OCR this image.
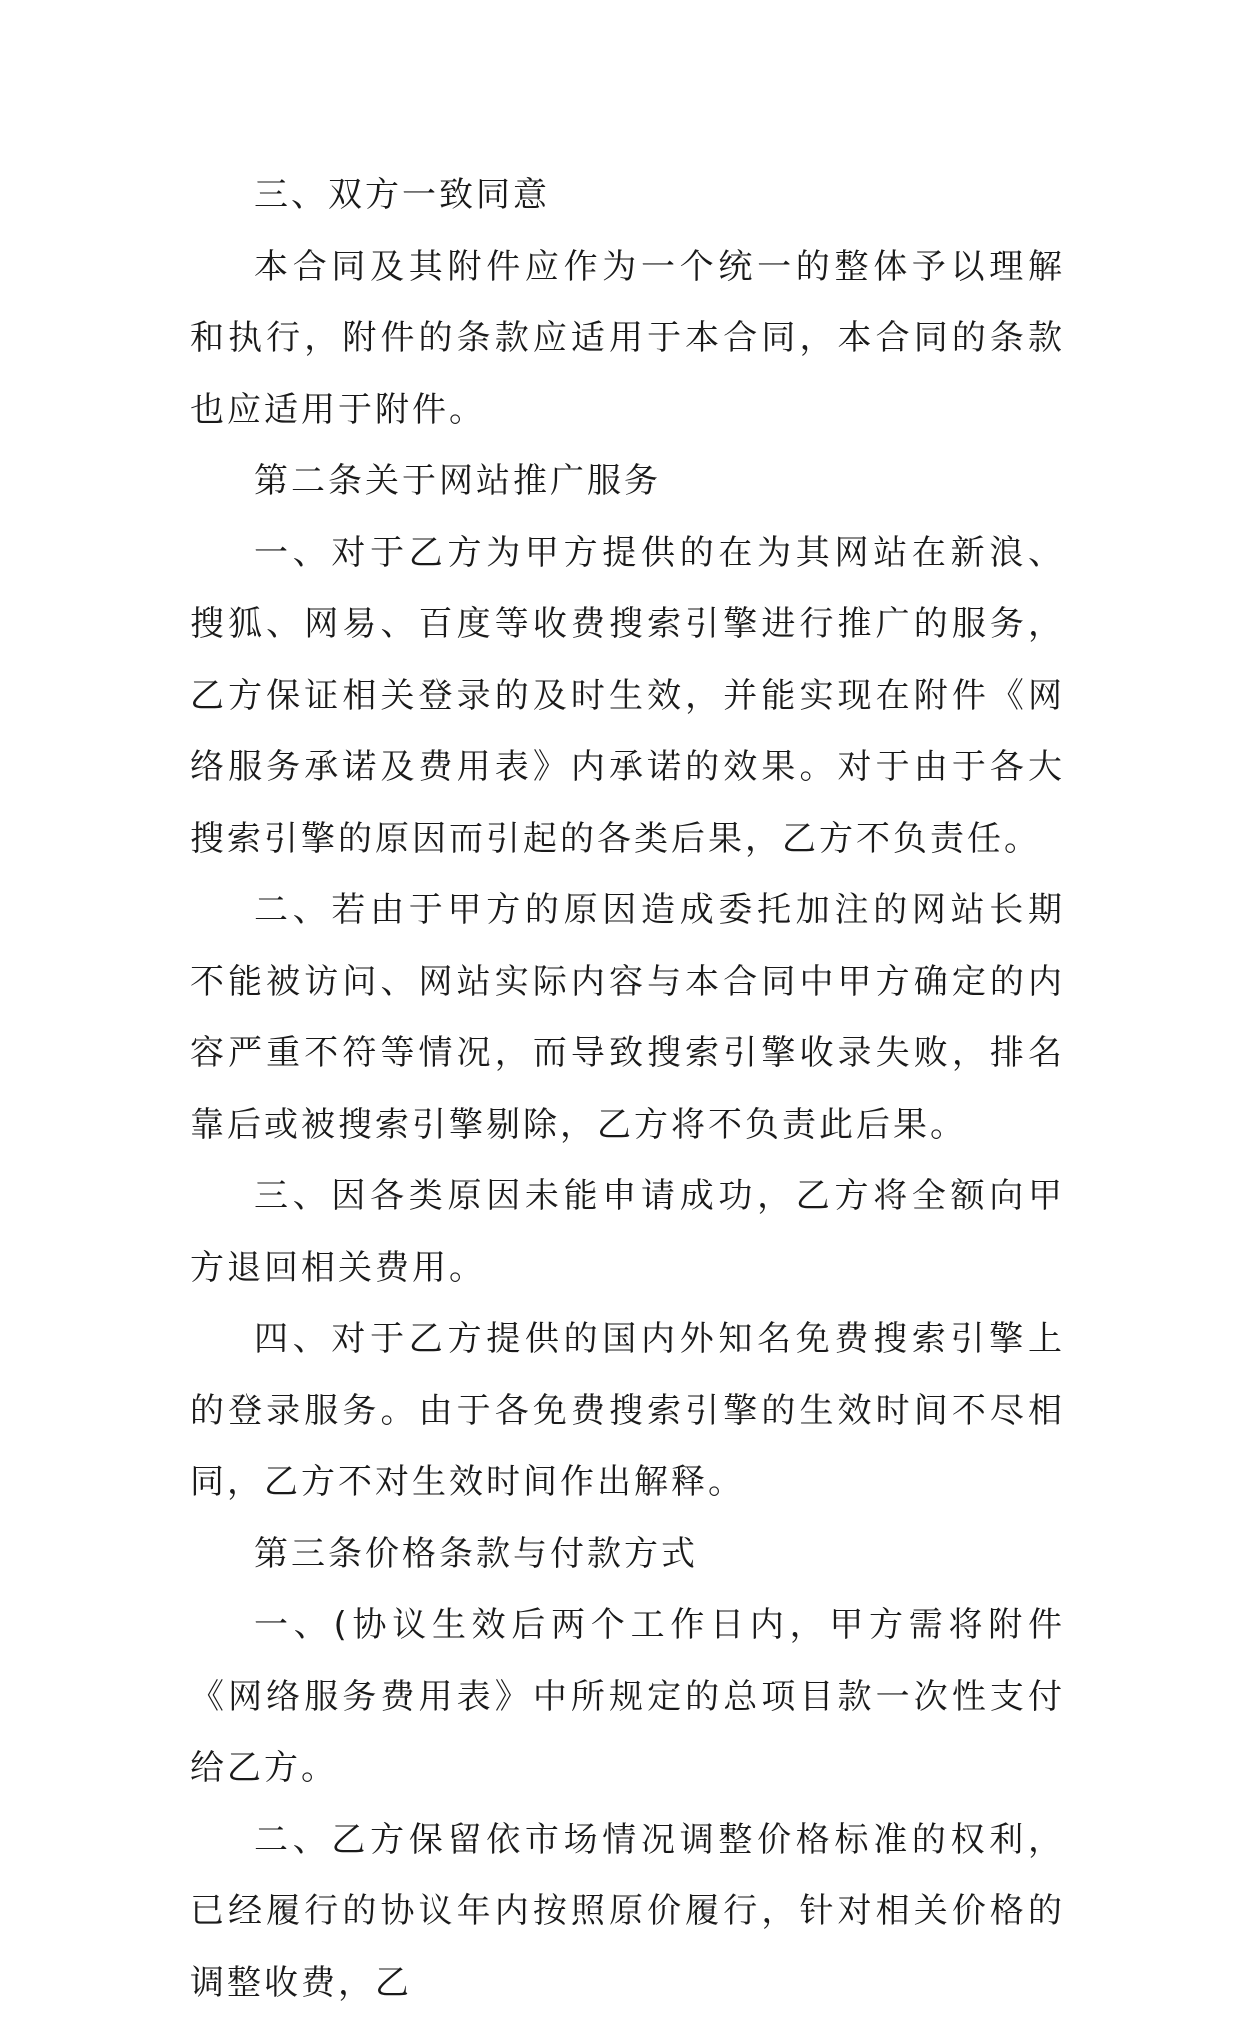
三、双方一致同意

本合同及其附件应作为一个统一的整体予以理解和执行，附件的条款应适用于本合同，本合同的条款也应适用于附件。

第二条关于网站推广服务

一、对于乙方为甲方提供的在为其网站在新浪、搜狐、网易、百度等收费搜索引擎进行推广的服务，乙方保证相关登录的及时生效，并能实现在附件《网络服务承诺及费用表》内承诺的效果。对于由于各大搜索引擎的原因而引起的各类后果，乙方不负责任。

二、若由于甲方的原因造成委托加注的网站长期不能被访问、网站实际内容与本合同中甲方确定的内容严重不符等情况，而导致搜索引擎收录失败，排名靠后或被搜索引擎剔除，乙方将不负责此后果。

三、因各类原因未能申请成功，乙方将全额向甲方退回相关费用。

四、对于乙方提供的国内外知名免费搜索引擎上的登录服务。由于各免费搜索引擎的生效时间不尽相同，乙方不对生效时间作出解释。

第三条价格条款与付款方式

一、(协议生效后两个工作日内，甲方需将附件《网络服务费用表》中所规定的总项目款一次性支付给乙方。

二、乙方保留依市场情况调整价格标准的权利，已经履行的协议年内按照原价履行，针对相关价格的调整收费，乙
